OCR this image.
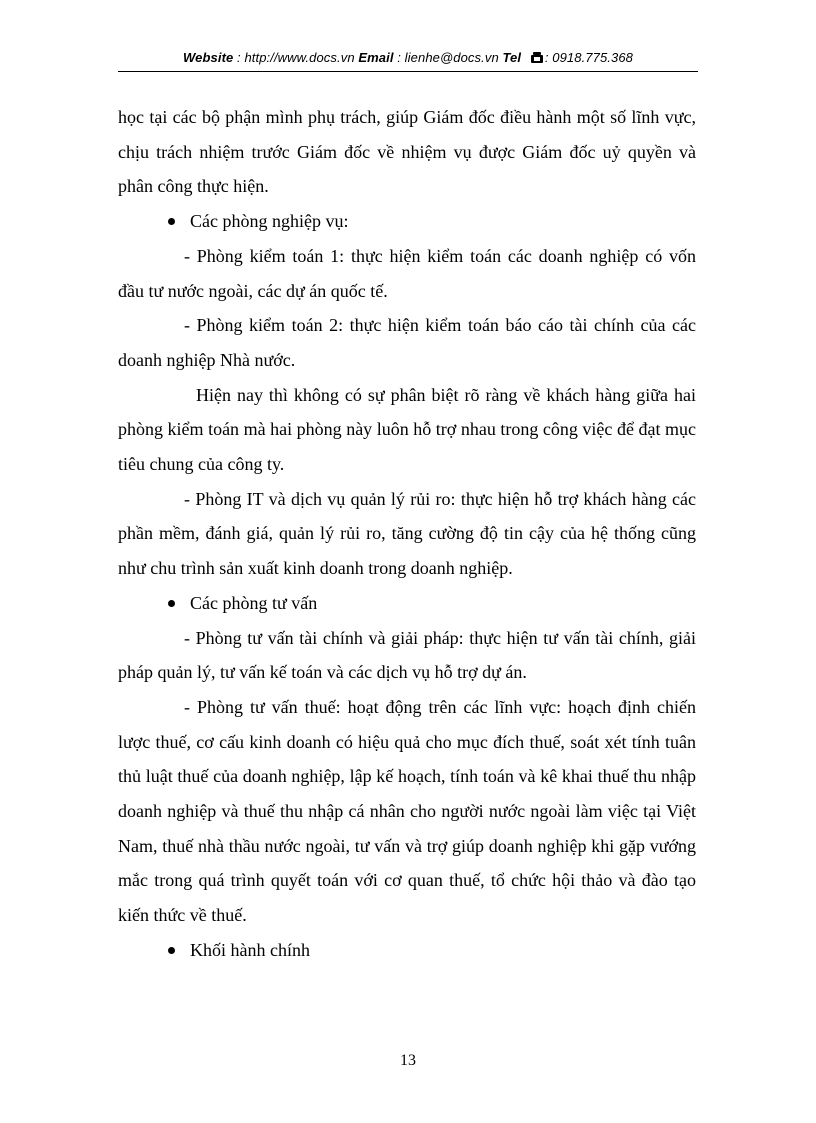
Website : http://www.docs.vn Email : lienhe@docs.vn Tel : 0918.775.368

học tại các bộ phận mình phụ trách, giúp Giám đốc điều hành một số lĩnh vực, chịu trách nhiệm trước Giám đốc về nhiệm vụ được Giám đốc uỷ quyền và phân công thực hiện.

Các phòng nghiệp vụ:

- Phòng kiểm toán 1: thực hiện kiểm toán các doanh nghiệp có vốn đầu tư nước ngoài, các dự án quốc tế.

- Phòng kiểm toán 2: thực hiện kiểm toán báo cáo tài chính của các doanh nghiệp Nhà nước.

Hiện nay thì không có sự phân biệt rõ ràng về khách hàng giữa hai phòng kiểm toán mà hai phòng này luôn hỗ trợ nhau trong công việc để đạt mục tiêu chung của công ty.

- Phòng IT và dịch vụ quản lý rủi ro: thực hiện hỗ trợ khách hàng các phần mềm, đánh giá, quản lý rủi ro, tăng cường độ tin cậy của hệ thống cũng như chu trình sản xuất kinh doanh trong doanh nghiệp.

Các phòng tư vấn

- Phòng tư vấn tài chính và giải pháp: thực hiện tư vấn tài chính, giải pháp quản lý, tư vấn kế toán và các dịch vụ hỗ trợ dự án.

- Phòng tư vấn thuế: hoạt động trên các lĩnh vực: hoạch định chiến lược thuế, cơ cấu kinh doanh có hiệu quả cho mục đích thuế, soát xét tính tuân thủ luật thuế của doanh nghiệp, lập kế hoạch, tính toán và kê khai thuế thu nhập doanh nghiệp và thuế thu nhập cá nhân cho người nước ngoài làm việc tại Việt Nam, thuế nhà thầu nước ngoài, tư vấn và trợ giúp doanh nghiệp khi gặp vướng mắc trong quá trình quyết toán với cơ quan thuế, tổ chức hội thảo và đào tạo kiến thức về thuế.

Khối hành chính

13
